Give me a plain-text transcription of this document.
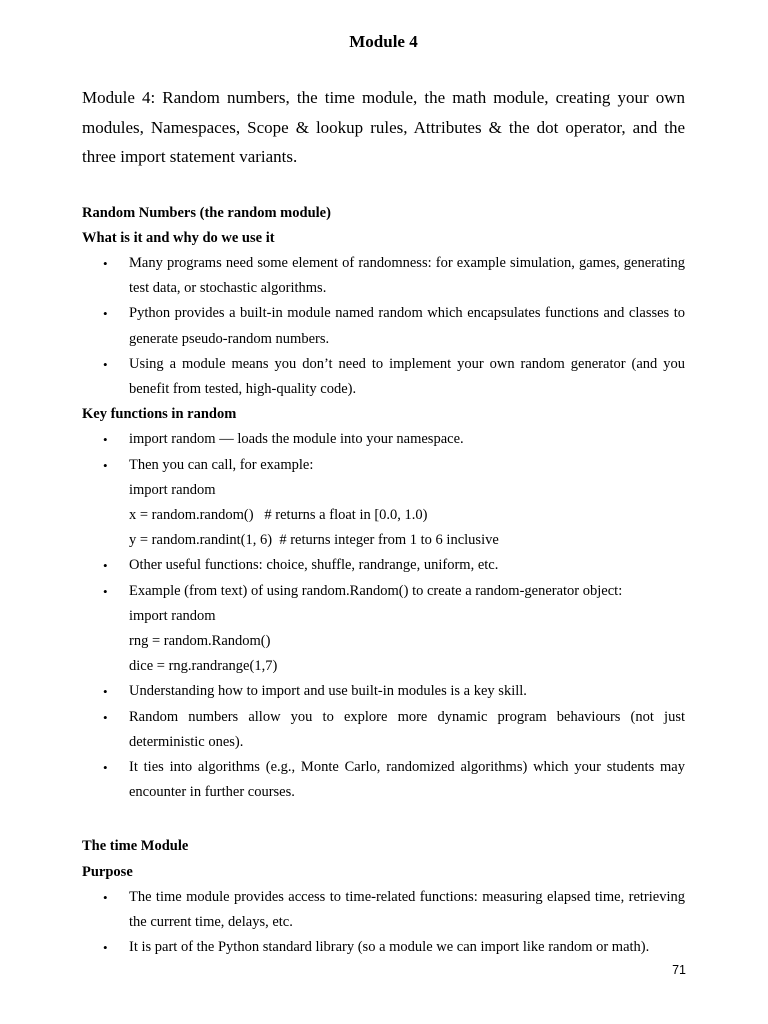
Module 4

Module 4: Random numbers, the time module, the math module, creating your own modules, Namespaces, Scope & lookup rules, Attributes & the dot operator, and the three import statement variants.

Random Numbers (the random module)
What is it and why do we use it
• Many programs need some element of randomness: for example simulation, games, generating test data, or stochastic algorithms.
• Python provides a built-in module named random which encapsulates functions and classes to generate pseudo-random numbers.
• Using a module means you don’t need to implement your own random generator (and you benefit from tested, high-quality code).
Key functions in random
• import random — loads the module into your namespace.
• Then you can call, for example:
import random
x = random.random()   # returns a float in [0.0, 1.0)
y = random.randint(1, 6)  # returns integer from 1 to 6 inclusive
• Other useful functions: choice, shuffle, randrange, uniform, etc.
• Example (from text) of using random.Random() to create a random-generator object:
import random
rng = random.Random()
dice = rng.randrange(1,7)
• Understanding how to import and use built-in modules is a key skill.
• Random numbers allow you to explore more dynamic program behaviours (not just deterministic ones).
• It ties into algorithms (e.g., Monte Carlo, randomized algorithms) which your students may encounter in further courses.
The time Module
Purpose
• The time module provides access to time-related functions: measuring elapsed time, retrieving the current time, delays, etc.
• It is part of the Python standard library (so a module we can import like random or math).
71
